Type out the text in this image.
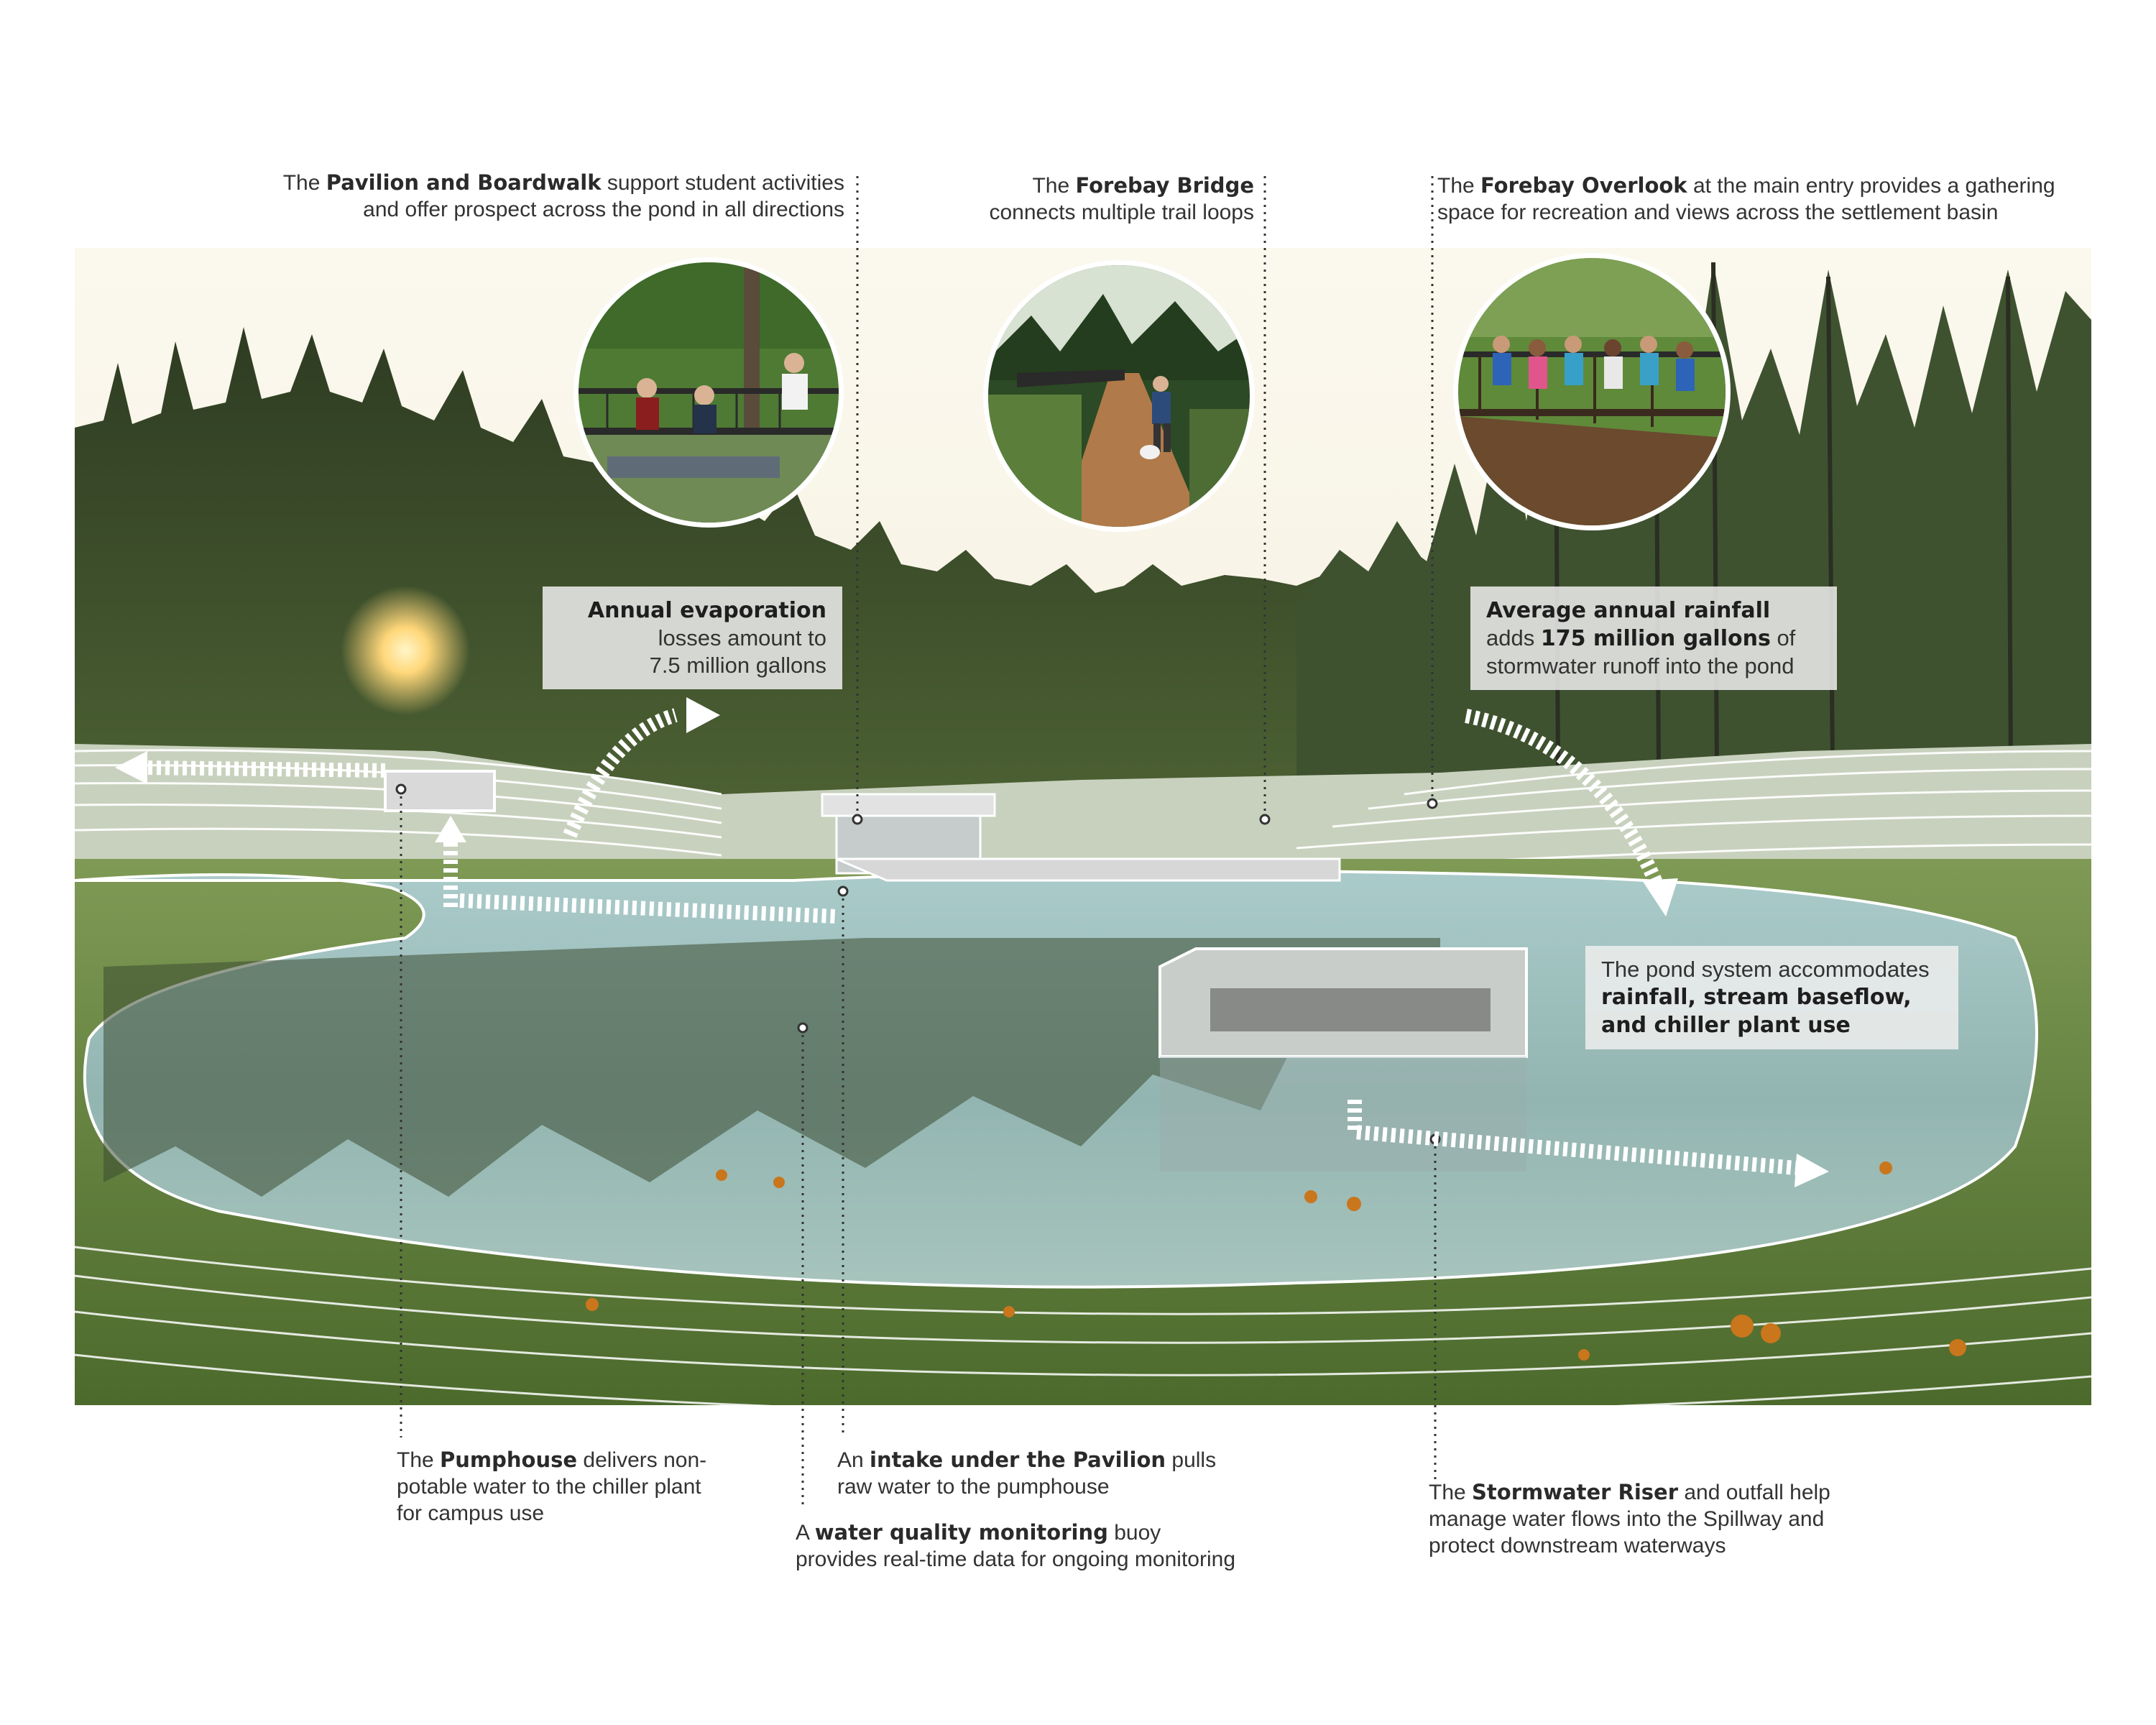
The Pavilion and Boardwalk support student activities
and offer prospect across the pond in all directions
The Forebay Bridge
connects multiple trail loops
The Forebay Overlook at the main entry provides a gathering
space for recreation and views across the settlement basin
Annual evaporation
losses amount to
7.5 million gallons
Average annual rainfall
adds 175 million gallons of
stormwater runoff into the pond
The pond system accommodates
rainfall, stream baseflow,
and chiller plant use
The Pumphouse delivers non-
potable water to the chiller plant
for campus use
An intake under the Pavilion pulls
raw water to the pumphouse
A water quality monitoring buoy
provides real-time data for ongoing monitoring
The Stormwater Riser and outfall help
manage water flows into the Spillway and
protect downstream waterways
